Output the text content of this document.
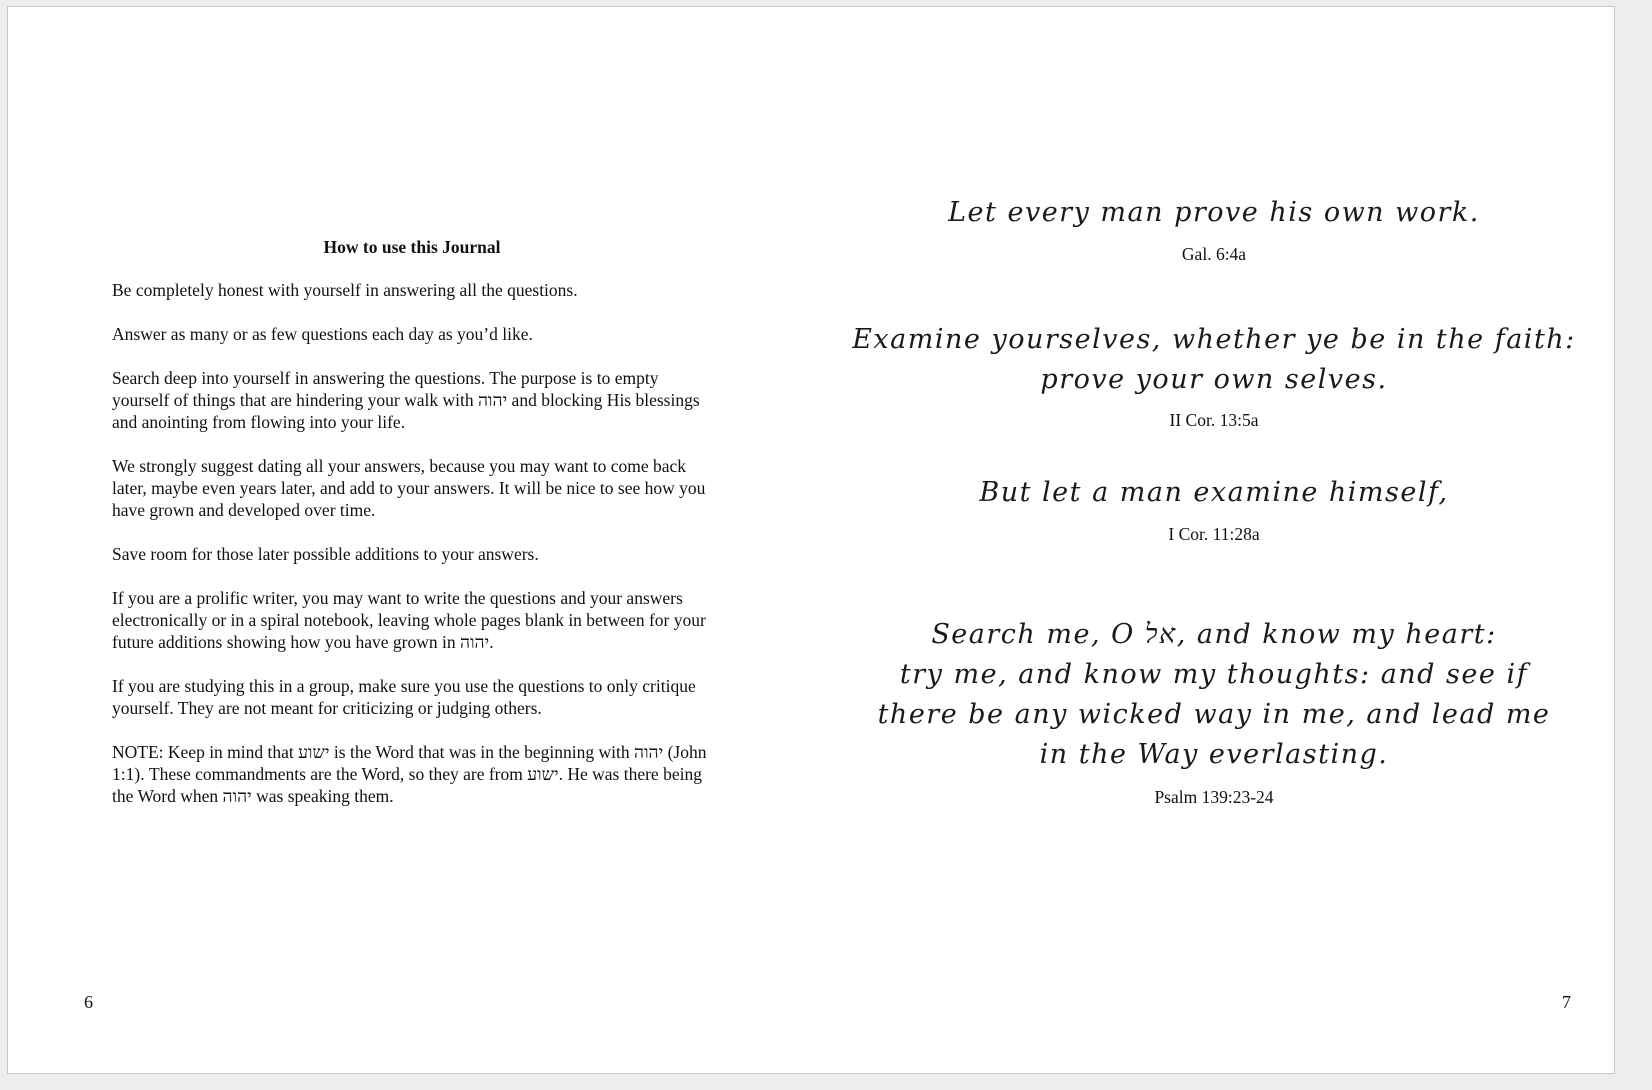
How to use this Journal

Be completely honest with yourself in answering all the questions.

Answer as many or as few questions each day as you’d like.

Search deep into yourself in answering the questions. The purpose is to empty yourself of things that are hindering your walk with יהוה and blocking His blessings and anointing from flowing into your life.

We strongly suggest dating all your answers, because you may want to come back later, maybe even years later, and add to your answers. It will be nice to see how you have grown and developed over time.

Save room for those later possible additions to your answers.

If you are a prolific writer, you may want to write the questions and your answers electronically or in a spiral notebook, leaving whole pages blank in between for your future additions showing how you have grown in יהוה.

If you are studying this in a group, make sure you use the questions to only critique yourself. They are not meant for criticizing or judging others.

NOTE: Keep in mind that ישוע is the Word that was in the beginning with יהוה (John 1:1). These commandments are the Word, so they are from ישוע. He was there being the Word when יהוה was speaking them.

6
Let every man prove his own work.
Gal. 6:4a
Examine yourselves, whether ye be in the faith:
prove your own selves.
II Cor. 13:5a
But let a man examine himself,
I Cor. 11:28a
Search me, O אל, and know my heart:
try me, and know my thoughts: and see if
there be any wicked way in me, and lead me
in the Way everlasting.
Psalm 139:23-24
7
